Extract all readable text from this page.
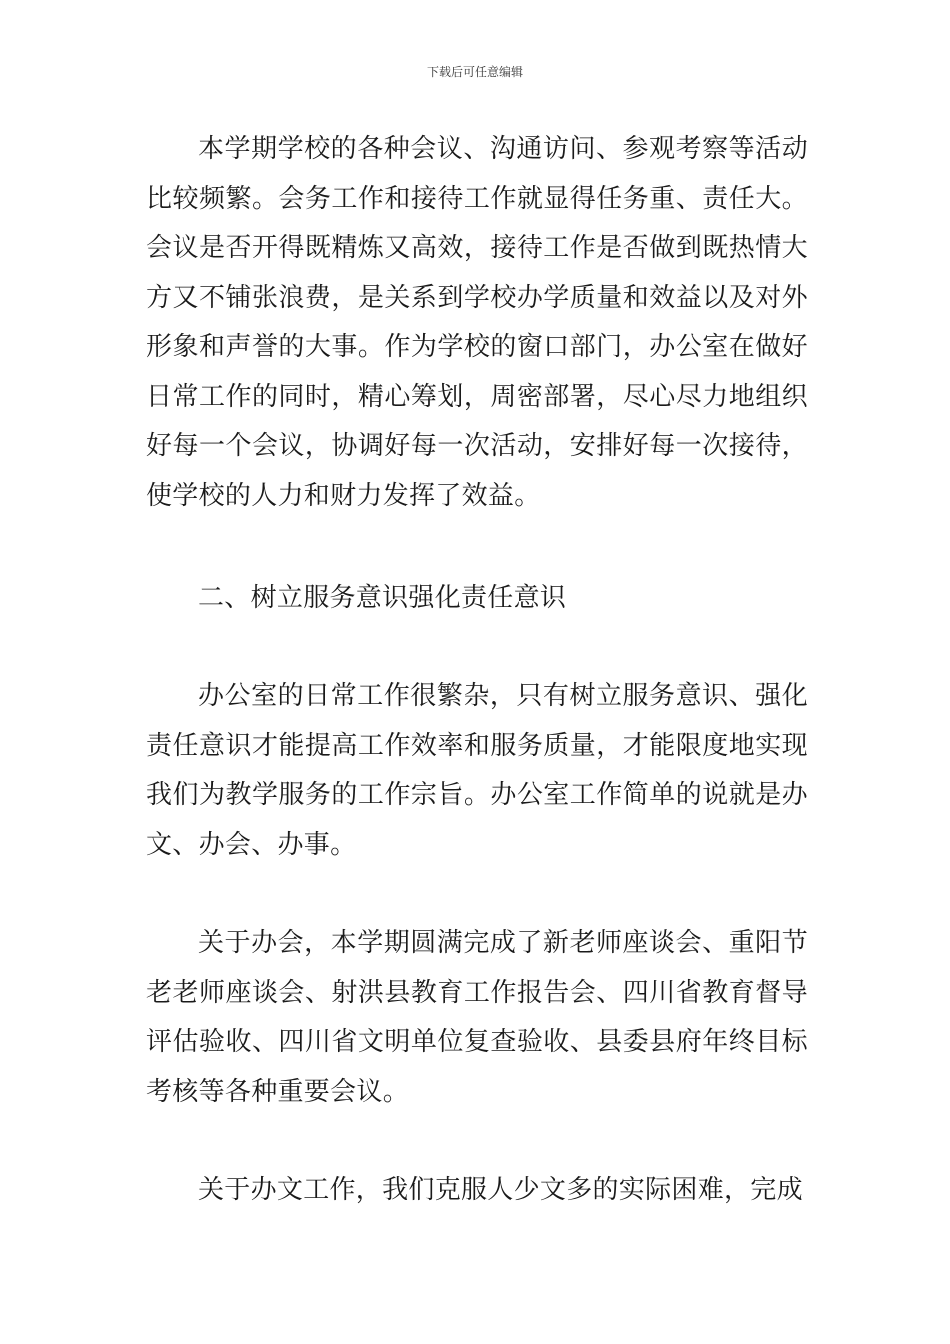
下载后可任意编辑

本学期学校的各种会议、沟通访问、参观考察等活动比较频繁。会务工作和接待工作就显得任务重、责任大。会议是否开得既精炼又高效，接待工作是否做到既热情大方又不铺张浪费，是关系到学校办学质量和效益以及对外形象和声誉的大事。作为学校的窗口部门，办公室在做好日常工作的同时，精心筹划，周密部署，尽心尽力地组织好每一个会议，协调好每一次活动，安排好每一次接待，使学校的人力和财力发挥了效益。

二、树立服务意识强化责任意识

办公室的日常工作很繁杂，只有树立服务意识、强化责任意识才能提高工作效率和服务质量，才能限度地实现我们为教学服务的工作宗旨。办公室工作简单的说就是办文、办会、办事。

关于办会，本学期圆满完成了新老师座谈会、重阳节老老师座谈会、射洪县教育工作报告会、四川省教育督导评估验收、四川省文明单位复查验收、县委县府年终目标考核等各种重要会议。

关于办文工作，我们克服人少文多的实际困难，完成
